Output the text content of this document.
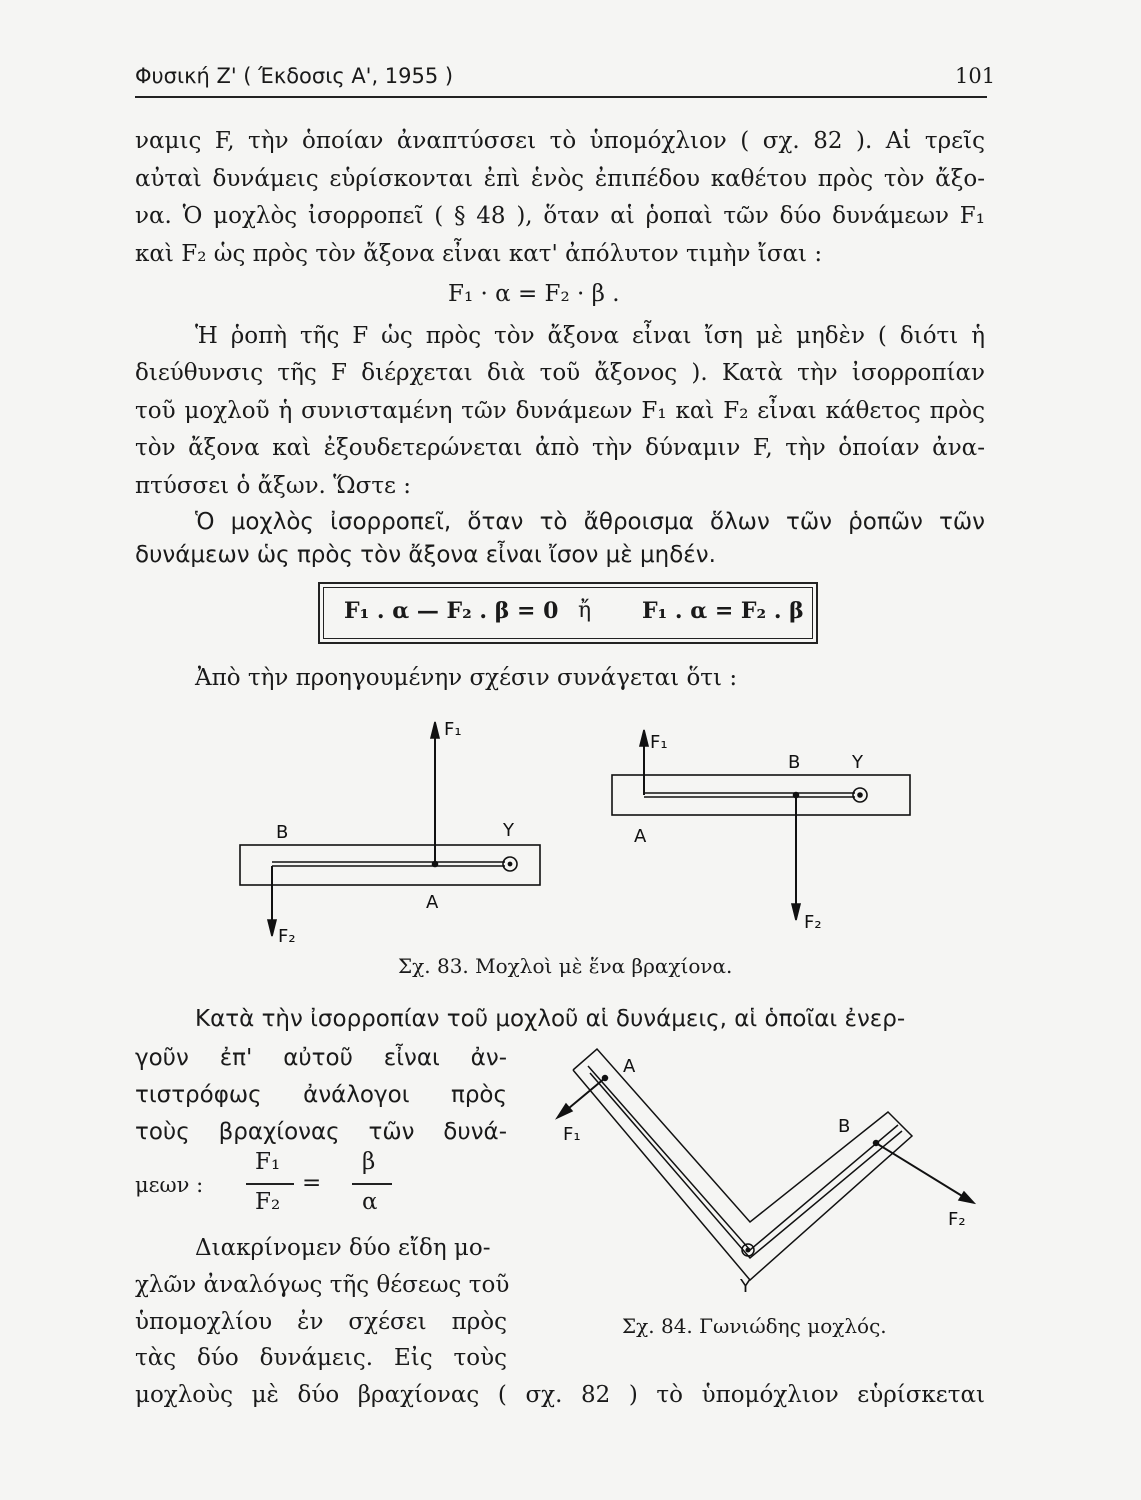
Φυσική Ζ' ( Έκδοσις Α', 1955 )	101
ναμις F, τὴν ὁποίαν ἀναπτύσσει τὸ ὑπομόχλιον ( σχ. 82 ). Αἱ τρεῖς
αὐταὶ δυνάμεις εὑρίσκονται ἐπὶ ἑνὸς ἐπιπέδου καθέτου πρὸς τὸν ἄξο-
να. Ὁ μοχλὸς ἰσορροπεῖ ( § 48 ), ὅταν αἱ ῥοπαὶ τῶν δύο δυνάμεων F₁
καὶ F₂ ὡς πρὸς τὸν ἄξονα εἶναι κατ' ἀπόλυτον τιμὴν ἴσαι :
F₁ · α = F₂ · β .
Ἡ ῥοπὴ τῆς F ὡς πρὸς τὸν ἄξονα εἶναι ἴση μὲ μηδὲν ( διότι ἡ
διεύθυνσις τῆς F διέρχεται διὰ τοῦ ἄξονος ). Κατὰ τὴν ἰσορροπίαν
τοῦ μοχλοῦ ἡ συνισταμένη τῶν δυνάμεων F₁ καὶ F₂ εἶναι κάθετος πρὸς
τὸν ἄξονα καὶ ἐξουδετερώνεται ἀπὸ τὴν δύναμιν F, τὴν ὁποίαν ἀνα-
πτύσσει ὁ ἄξων. Ὥστε :
Ὁ μοχλὸς ἰσορροπεῖ, ὅταν τὸ ἄθροισμα ὅλων τῶν ῥοπῶν τῶν
δυνάμεων ὡς πρὸς τὸν ἄξονα εἶναι ἴσον μὲ μηδέν.
F₁ . α — F₂ . β = 0 ἤ F₁ . α = F₂ . β
Ἀπὸ τὴν προηγουμένην σχέσιν συνάγεται ὅτι :
F₁
F₂
B	Y
A
F₁
F₂
B	Y
A
Σχ. 83. Μοχλοὶ μὲ ἕνα βραχίονα.
Κατὰ τὴν ἰσορροπίαν τοῦ μοχλοῦ αἱ δυνάμεις, αἱ ὁποῖαι ἐνερ-
γοῦν ἐπ' αὐτοῦ εἶναι ἀν-
τιστρόφως ἀνάλογοι πρὸς
τοὺς βραχίονας τῶν δυνά-
μεων :
F₁
F₂
=
β
α
Διακρίνομεν δύο εἴδη μο-
χλῶν ἀναλόγως τῆς θέσεως τοῦ
ὑπομοχλίου ἐν σχέσει πρὸς
τὰς δύο δυνάμεις. Εἰς τοὺς
μοχλοὺς μὲ δύο βραχίονας ( σχ. 82 ) τὸ ὑπομόχλιον εὑρίσκεται
A
B
F₁
F₂
Y
Σχ. 84. Γωνιώδης μοχλός.
